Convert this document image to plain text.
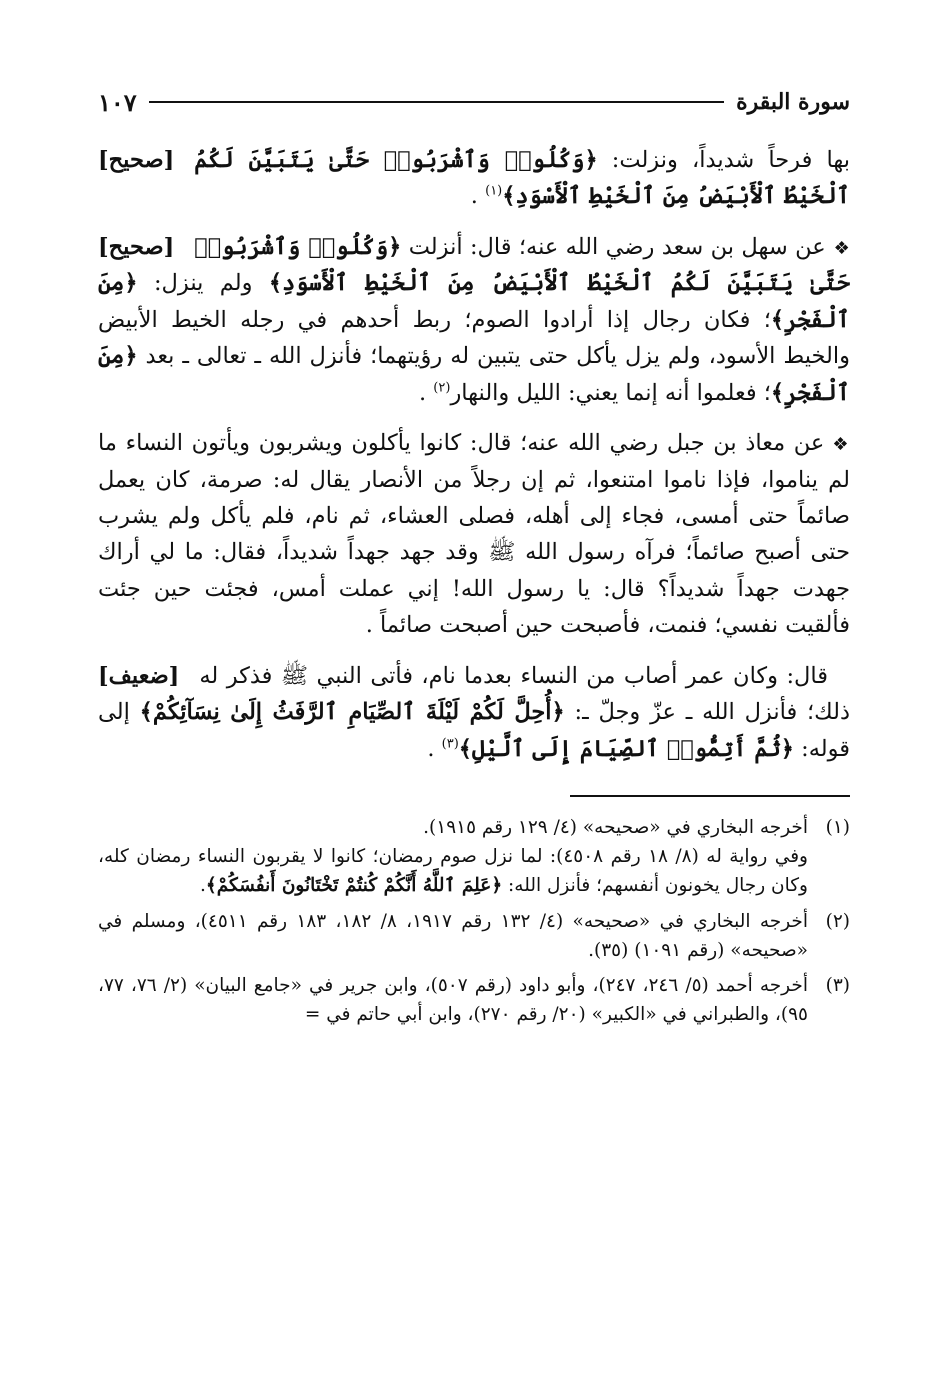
سورة البقرة
١٠٧

[صحيح]	بها فرحاً شديداً، ونزلت: ﴿وَكُلُوا۟ وَٱشْرَبُوا۟ حَتَّىٰ يَتَبَيَّنَ لَكُمُ ٱلْخَيْطُ ٱلْأَبْيَضُ مِنَ ٱلْخَيْطِ ٱلْأَسْوَدِ﴾$^{(١)}$ .

[صحيح]	❖عن سهل بن سعد رضي الله عنه؛ قال: أنزلت ﴿وَكُلُوا۟ وَٱشْرَبُوا۟ حَتَّىٰ يَتَبَيَّنَ لَكُمُ ٱلْخَيْطُ ٱلْأَبْيَضُ مِنَ ٱلْخَيْطِ ٱلْأَسْوَدِ﴾ ولم ينزل: ﴿مِنَ ٱلْفَجْرِ﴾؛ فكان رجال إذا أرادوا الصوم؛ ربط أحدهم في رجله الخيط الأبيض والخيط الأسود، ولم يزل يأكل حتى يتبين له رؤيتهما؛ فأنزل الله ـ تعالى ـ بعد ﴿مِنَ ٱلْفَجْرِ﴾؛ فعلموا أنه إنما يعني: الليل والنهار$^{(٢)}$ .

❖عن معاذ بن جبل رضي الله عنه؛ قال: كانوا يأكلون ويشربون ويأتون النساء ما لم يناموا، فإذا ناموا امتنعوا، ثم إن رجلاً من الأنصار يقال له: صرمة، كان يعمل صائماً حتى أمسى، فجاء إلى أهله، فصلى العشاء، ثم نام، فلم يأكل ولم يشرب حتى أصبح صائماً؛ فرآه رسول الله ﷺ وقد جهد جهداً شديداً، فقال: ما لي أراك جهدت جهداً شديداً؟ قال: يا رسول الله! إني عملت أمس، فجئت حين جئت فألقيت نفسي؛ فنمت، فأصبحت حين أصبحت صائماً .

[ضعيف] قال: وكان عمر أصاب من النساء بعدما نام، فأتى النبي ﷺ فذكر له ذلك؛ فأنزل الله ـ عزّ وجلّ ـ: ﴿أُحِلَّ لَكُمْ لَيْلَةَ ٱلصِّيَامِ ٱلرَّفَثُ إِلَىٰ نِسَآئِكُمْ﴾ إلى قوله: ﴿ثُمَّ أَتِمُّوا۟ ٱلصِّيَامَ إِلَى ٱلَّيْلِ﴾$^{(٣)}$ .

(١)

أخرجه البخاري في «صحيحه» (٤/ ١٢٩ رقم ١٩١٥).

وفي رواية له (٨/ ١٨ رقم ٤٥٠٨): لما نزل صوم رمضان؛ كانوا لا يقربون النساء رمضان كله، وكان رجال يخونون أنفسهم؛ فأنزل الله: ﴿عَلِمَ ٱللَّهُ أَنَّكُمْ كُنتُمْ تَخْتَانُونَ أَنفُسَكُمْ﴾.

(٢)

أخرجه البخاري في «صحيحه» (٤/ ١٣٢ رقم ١٩١٧، ٨/ ١٨٢، ١٨٣ رقم ٤٥١١)، ومسلم في «صحيحه» (رقم ١٠٩١) (٣٥).

(٣)

أخرجه أحمد (٥/ ٢٤٦، ٢٤٧)، وأبو داود (رقم ٥٠٧)، وابن جرير في «جامع البيان» (٢/ ٧٦، ٧٧، ٩٥)، والطبراني في «الكبير» (٢٠/ رقم ٢٧٠)، وابن أبي حاتم في =
